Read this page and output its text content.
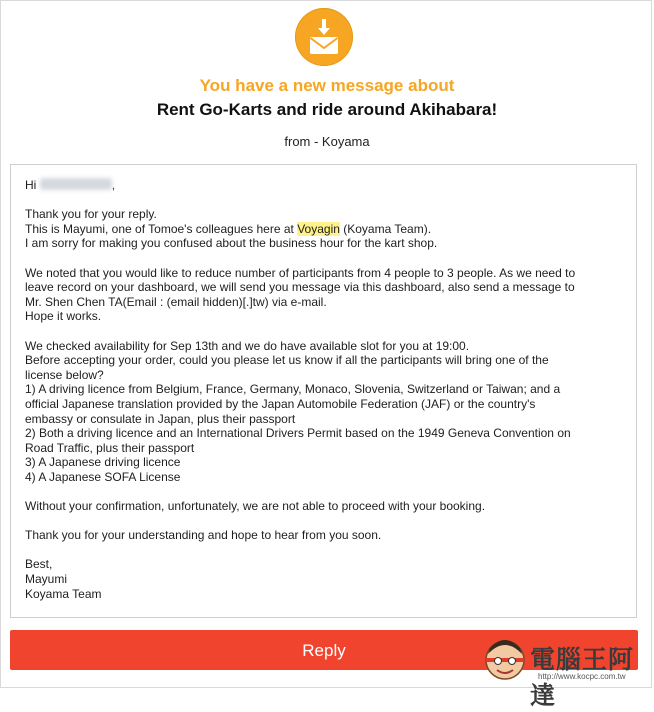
You have a new message about
Rent Go-Karts and ride around Akihabara!
from - Koyama

Hi	,

Thank you for your reply.
This is Mayumi, one of Tomoe's colleagues here at Voyagin (Koyama Team).
I am sorry for making you confused about the business hour for the kart shop.

We noted that you would like to reduce number of participants from 4 people to 3 people. As we need to
leave record on your dashboard, we will send you message via this dashboard, also send a message to
Mr. Shen Chen TA(Email : (email hidden)[.]tw) via e-mail.
Hope it works.

We checked availability for Sep 13th and we do have available slot for you at 19:00.
Before accepting your order, could you please let us know if all the participants will bring one of the
license below?
1) A driving licence from Belgium, France, Germany, Monaco, Slovenia, Switzerland or Taiwan; and a
official Japanese translation provided by the Japan Automobile Federation (JAF) or the country's
embassy or consulate in Japan, plus their passport
2) Both a driving licence and an International Drivers Permit based on the 1949 Geneva Convention on
Road Traffic, plus their passport
3) A Japanese driving licence
4) A Japanese SOFA License

Without your confirmation, unfortunately, we are not able to proceed with your booking.

Thank you for your understanding and hope to hear from you soon.

Best,
Mayumi
Koyama Team

Reply	電腦王阿達
http://www.kocpc.com.tw
